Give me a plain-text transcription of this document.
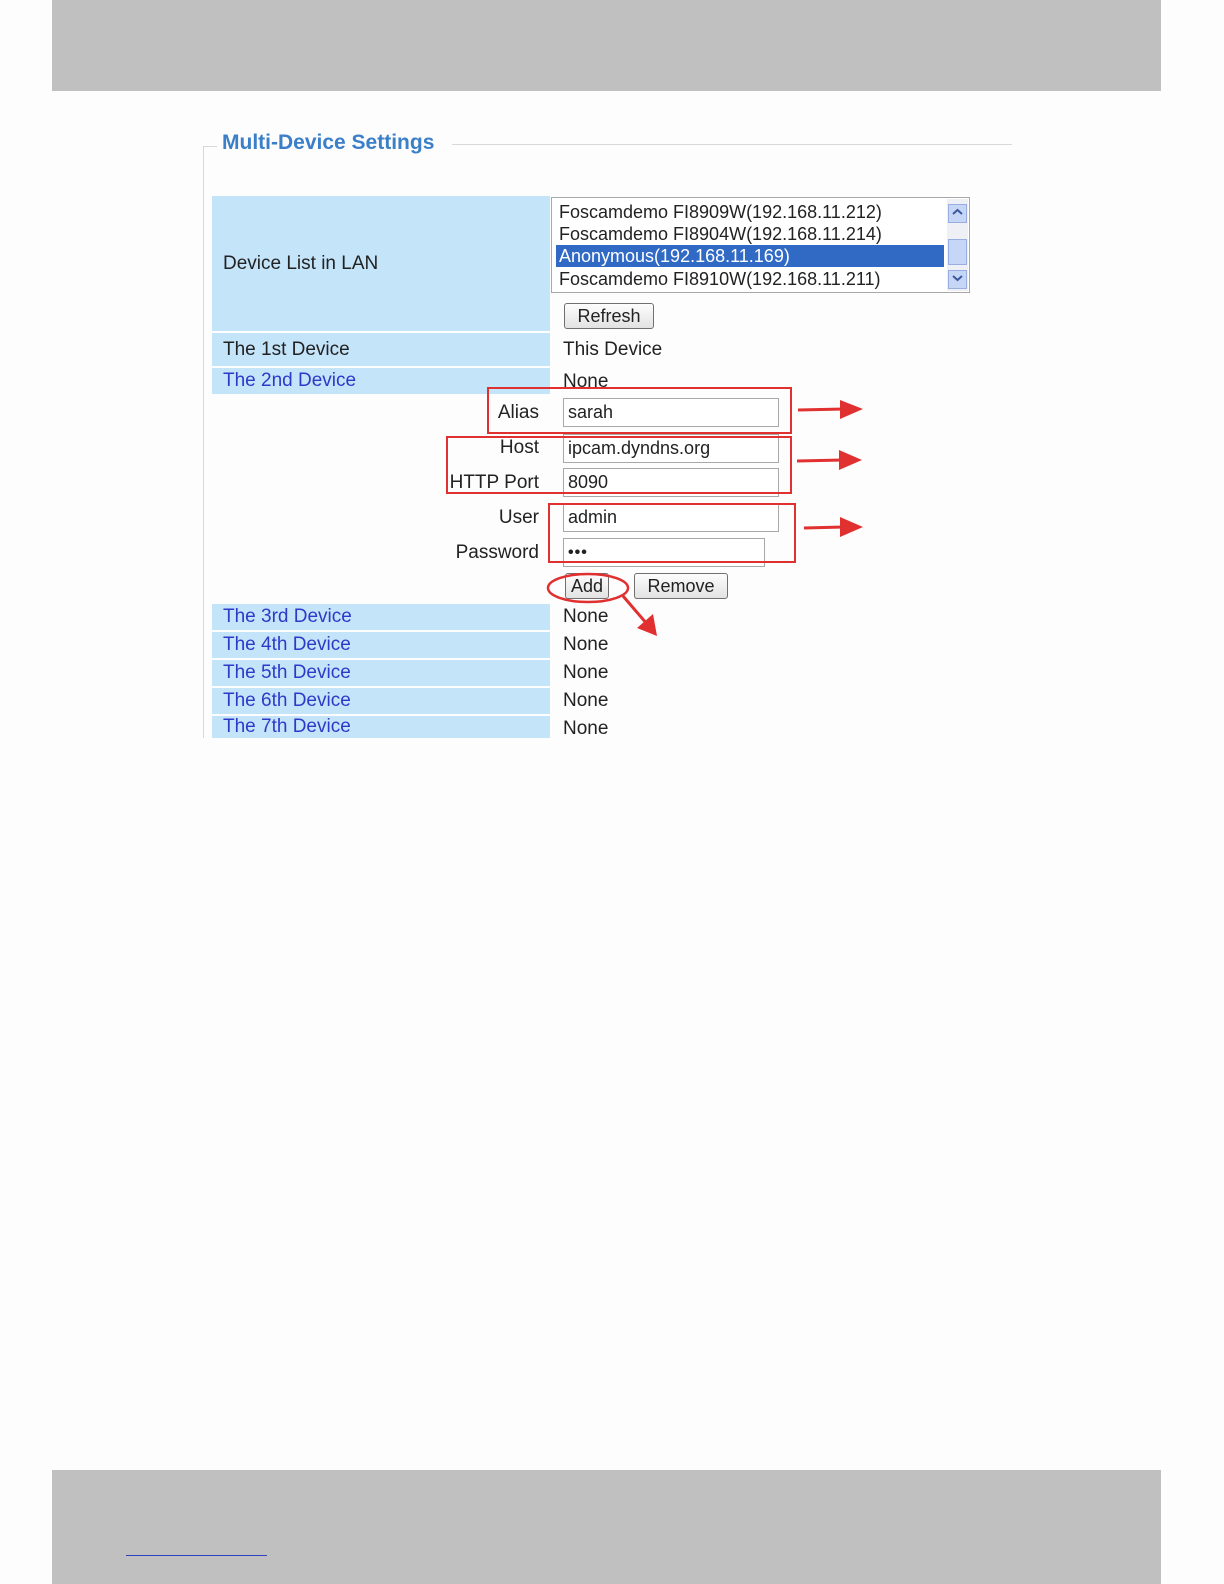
Multi-Device Settings
Device List in LAN
Foscamdemo FI8909W(192.168.11.212)
Foscamdemo FI8904W(192.168.11.214)
Anonymous(192.168.11.169)
Foscamdemo FI8910W(192.168.11.211)
Refresh
The 1st Device	This Device
The 2nd Device	None
Alias sarah
Host ipcam.dyndns.org
HTTP Port 8090
User admin
Password	•••
Add	Remove
The 3rd Device	None
The 4th Device	None
The 5th Device	None
The 6th Device	None
The 7th Device	None
